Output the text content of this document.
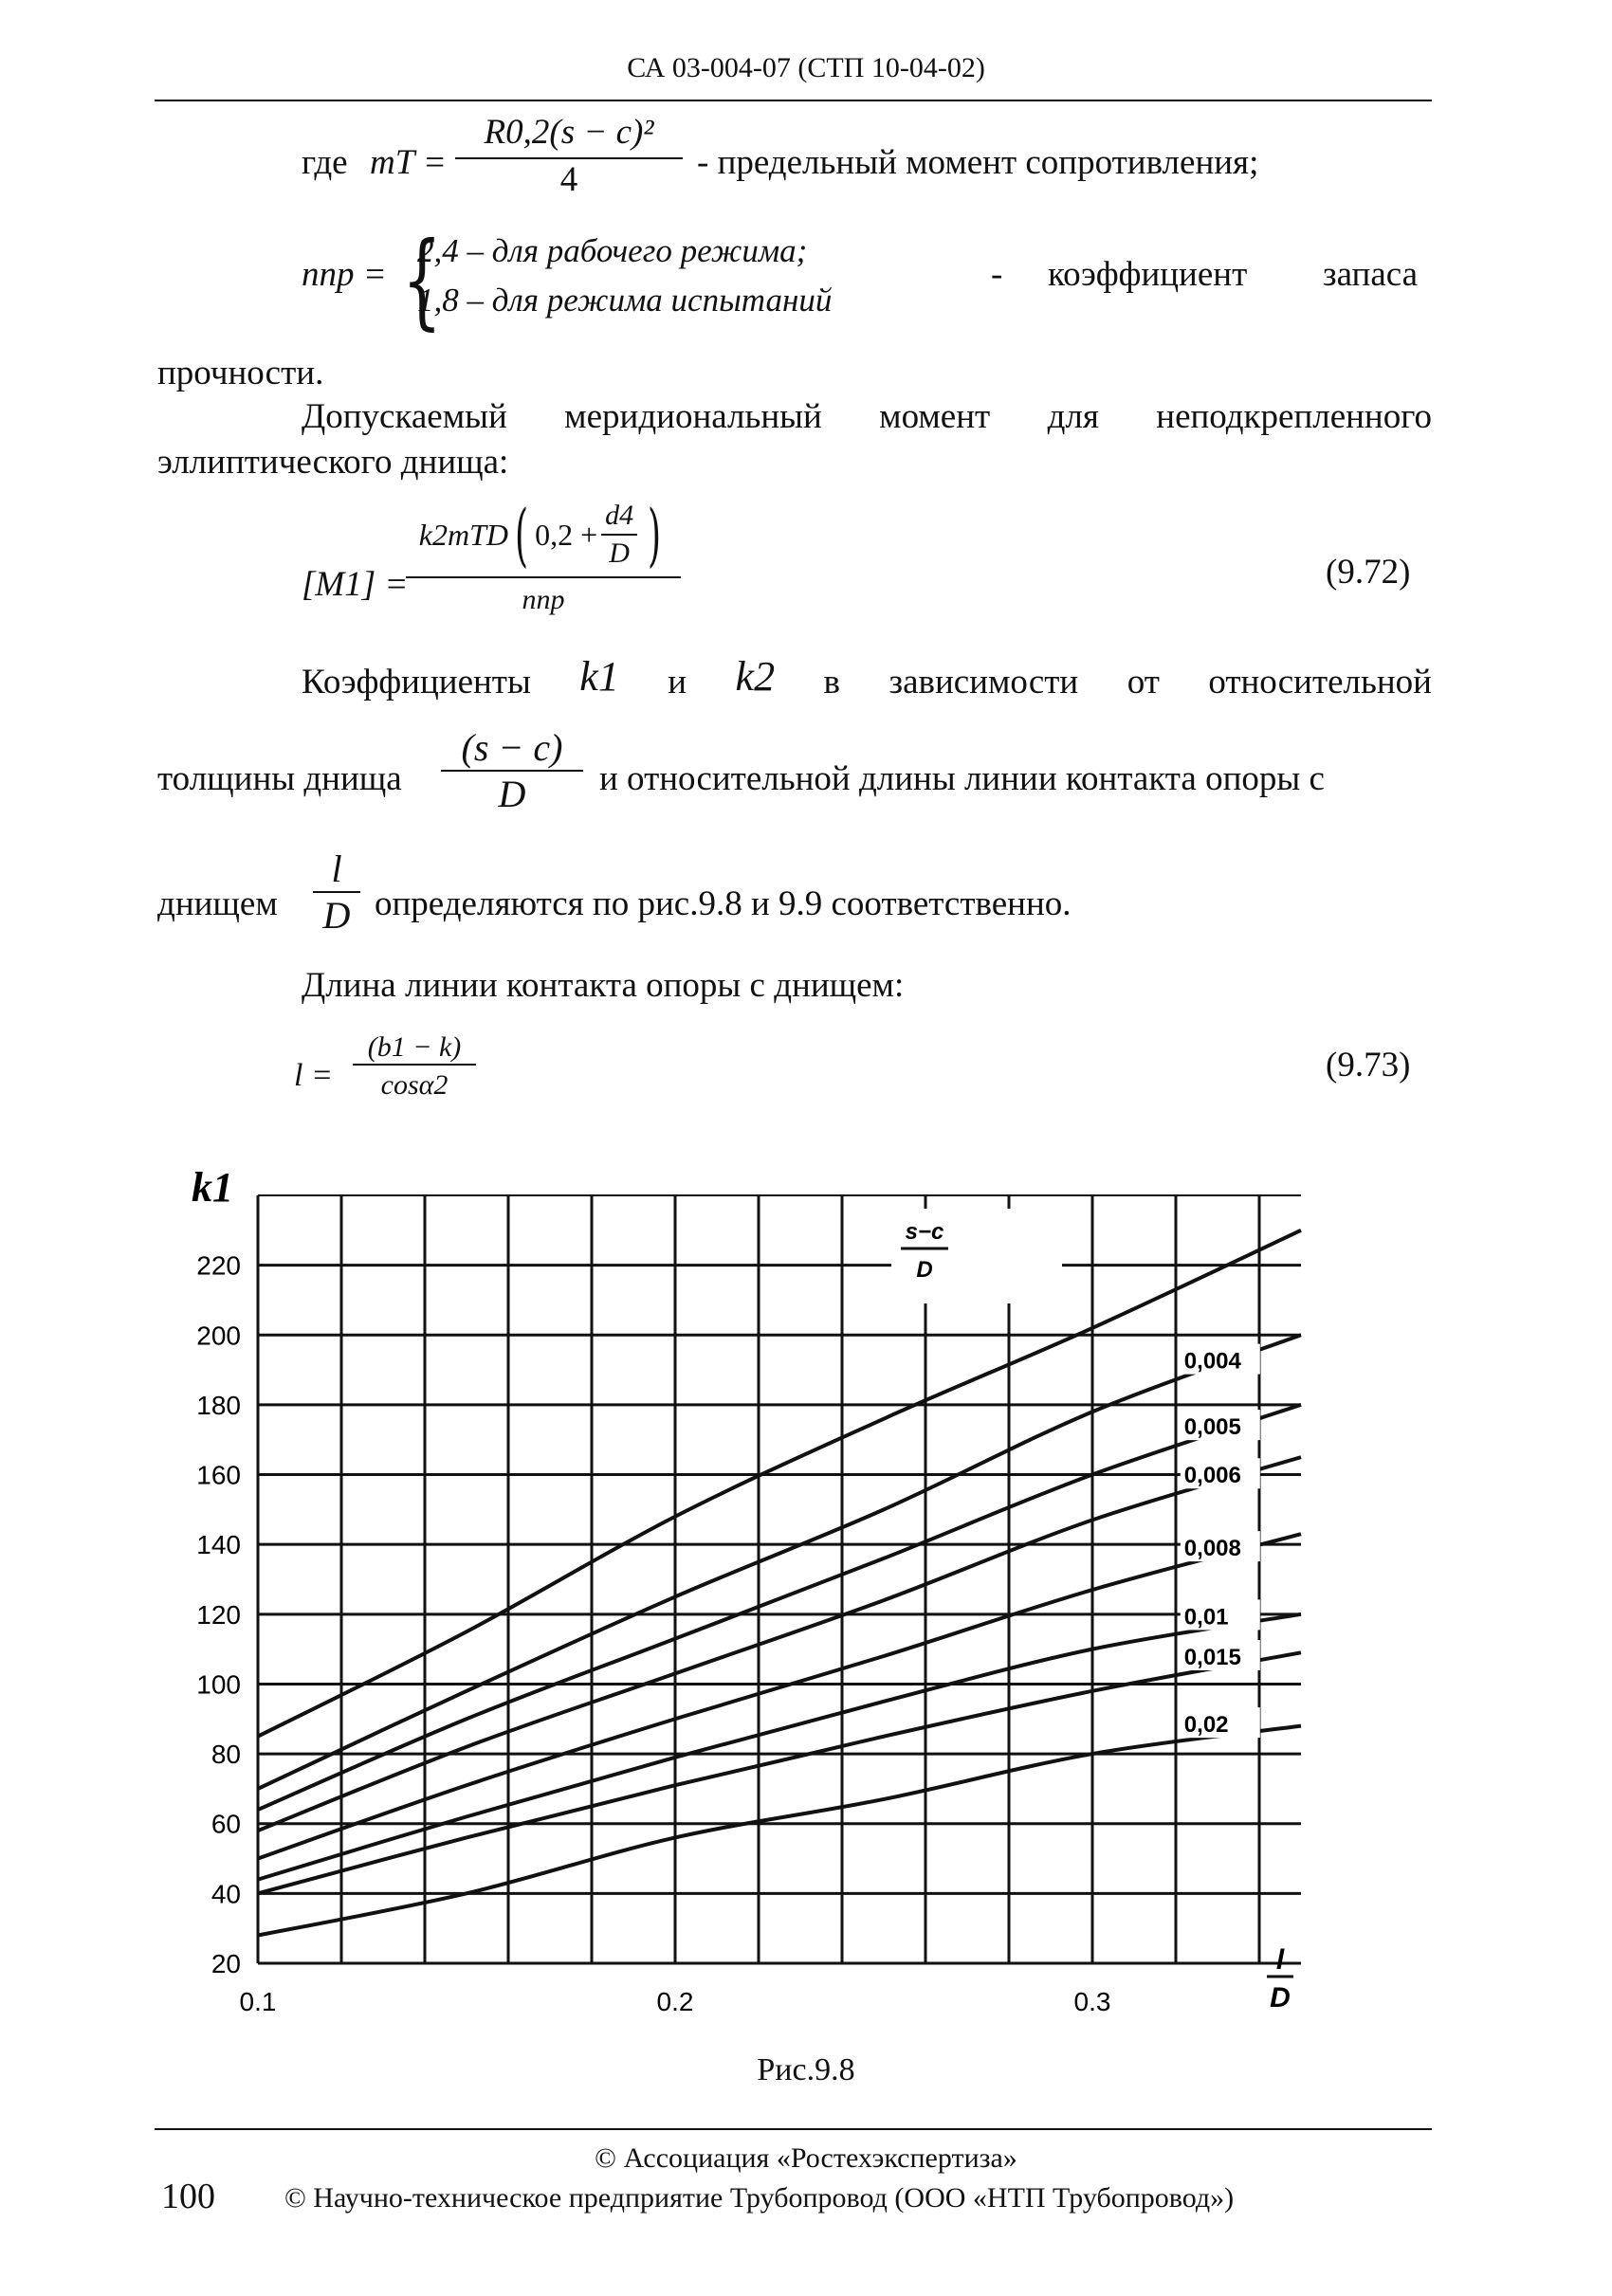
СА 03-004-07 (СТП 10-04-02)
где mT =
R0,2(s − c)²
4	- предельный момент сопротивления;
nпр = {
2,4 – для рабочего режима;
1,8 – для режима испытаний
- коэффициент запаса
прочности.
Допускаемый меридиональный момент для неподкрепленного
эллиптического днища:
[M1] =
k2mTD ( $0,2 + \frac{d4}{D}$ )
nпр
(9.72)
Коэффициенты k1 и k2 в зависимости от относительной
толщины днища
(s − c)
D	и относительной длины линии контакта опоры с
днищем
l
D определяются по рис.9.8 и 9.9 соответственно.
Длина линии контакта опоры с днищем:
l =
(b1 − k)
cosα2
(9.73)
20
40
60
80
100
120
140
160
180
200
220
0.1	0.2	0.3
0,004
0,005
0,006
0,008
0,01
0,015
0,02
k1
l
D
s−c
D
Рис.9.8
© Ассоциация «Ростехэкспертиза»
100 © Научно-техническое предприятие Трубопровод (ООО «НТП Трубопровод»)
